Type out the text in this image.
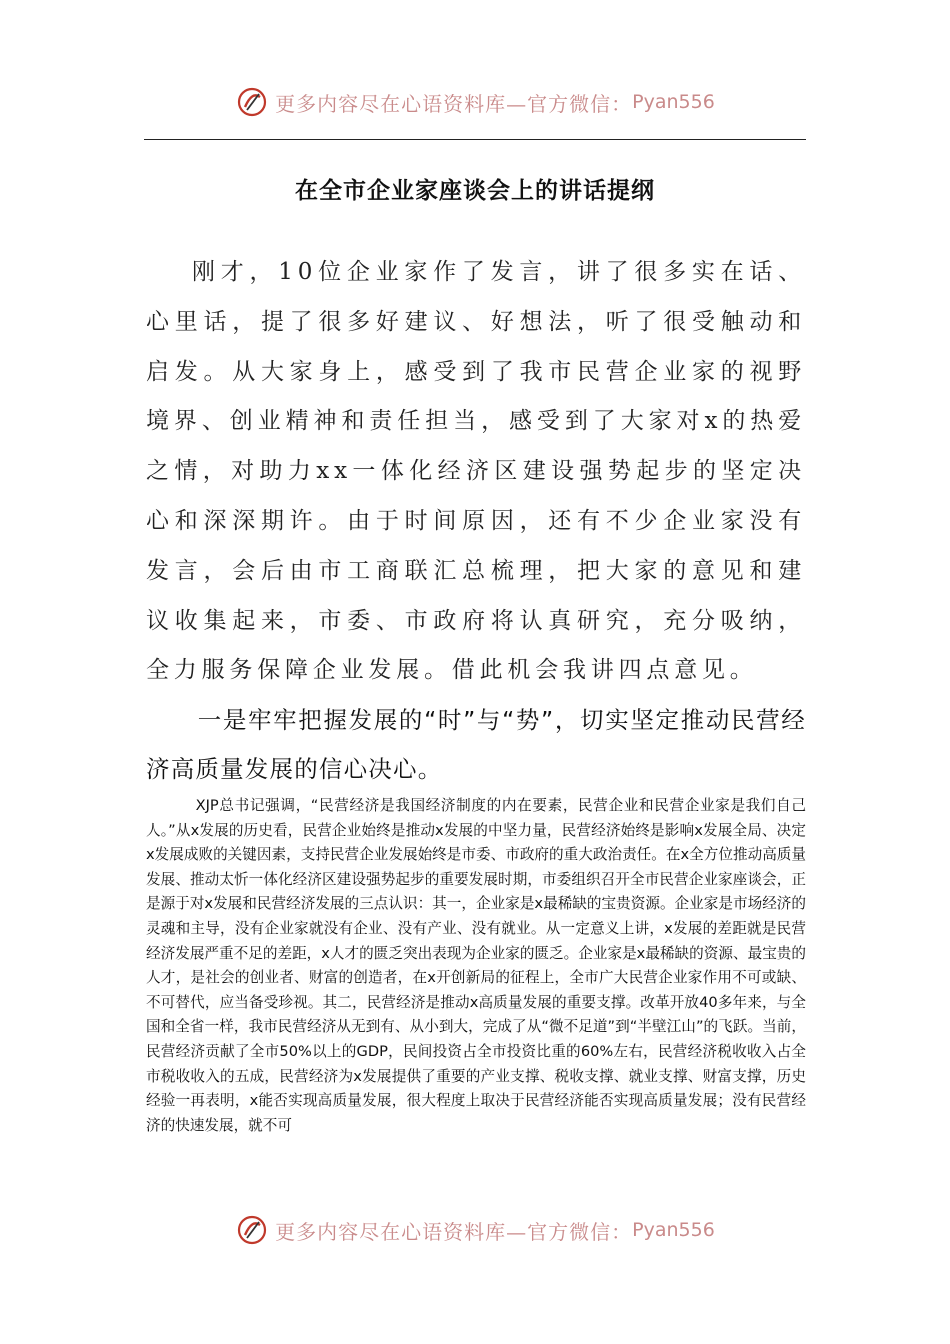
更多内容尽在心语资料库—官方微信： Pyan556
在全市企业家座谈会上的讲话提纲

刚才，10位企业家作了发言，讲了很多实在话、心里话，提了很多好建议、好想法，听了很受触动和启发。从大家身上，感受到了我市民营企业家的视野境界、创业精神和责任担当，感受到了大家对x的热爱之情，对助力xx一体化经济区建设强势起步的坚定决心和深深期许。由于时间原因，还有不少企业家没有发言，会后由市工商联汇总梳理，把大家的意见和建议收集起来，市委、市政府将认真研究，充分吸纳，全力服务保障企业发展。借此机会我讲四点意见。

一是牢牢把握发展的“时”与“势”，切实坚定推动民营经济高质量发展的信心决心。

XJP总书记强调，“民营经济是我国经济制度的内在要素，民营企业和民营企业家是我们自己人。”从x发展的历史看，民营企业始终是推动x发展的中坚力量，民营经济始终是影响x发展全局、决定x发展成败的关键因素，支持民营企业发展始终是市委、市政府的重大政治责任。在x全方位推动高质量发展、推动太忻一体化经济区建设强势起步的重要发展时期，市委组织召开全市民营企业家座谈会，正是源于对x发展和民营经济发展的三点认识：其一，企业家是x最稀缺的宝贵资源。企业家是市场经济的灵魂和主导，没有企业家就没有企业、没有产业、没有就业。从一定意义上讲，x发展的差距就是民营经济发展严重不足的差距，x人才的匮乏突出表现为企业家的匮乏。企业家是x最稀缺的资源、最宝贵的人才，是社会的创业者、财富的创造者，在x开创新局的征程上，全市广大民营企业家作用不可或缺、不可替代，应当备受珍视。其二，民营经济是推动x高质量发展的重要支撑。改革开放40多年来，与全国和全省一样，我市民营经济从无到有、从小到大，完成了从“微不足道”到“半壁江山”的飞跃。当前，民营经济贡献了全市50%以上的GDP，民间投资占全市投资比重的60%左右，民营经济税收收入占全市税收收入的五成，民营经济为x发展提供了重要的产业支撑、税收支撑、就业支撑、财富支撑，历史经验一再表明，x能否实现高质量发展，很大程度上取决于民营经济能否实现高质量发展；没有民营经济的快速发展，就不可

更多内容尽在心语资料库—官方微信： Pyan556
